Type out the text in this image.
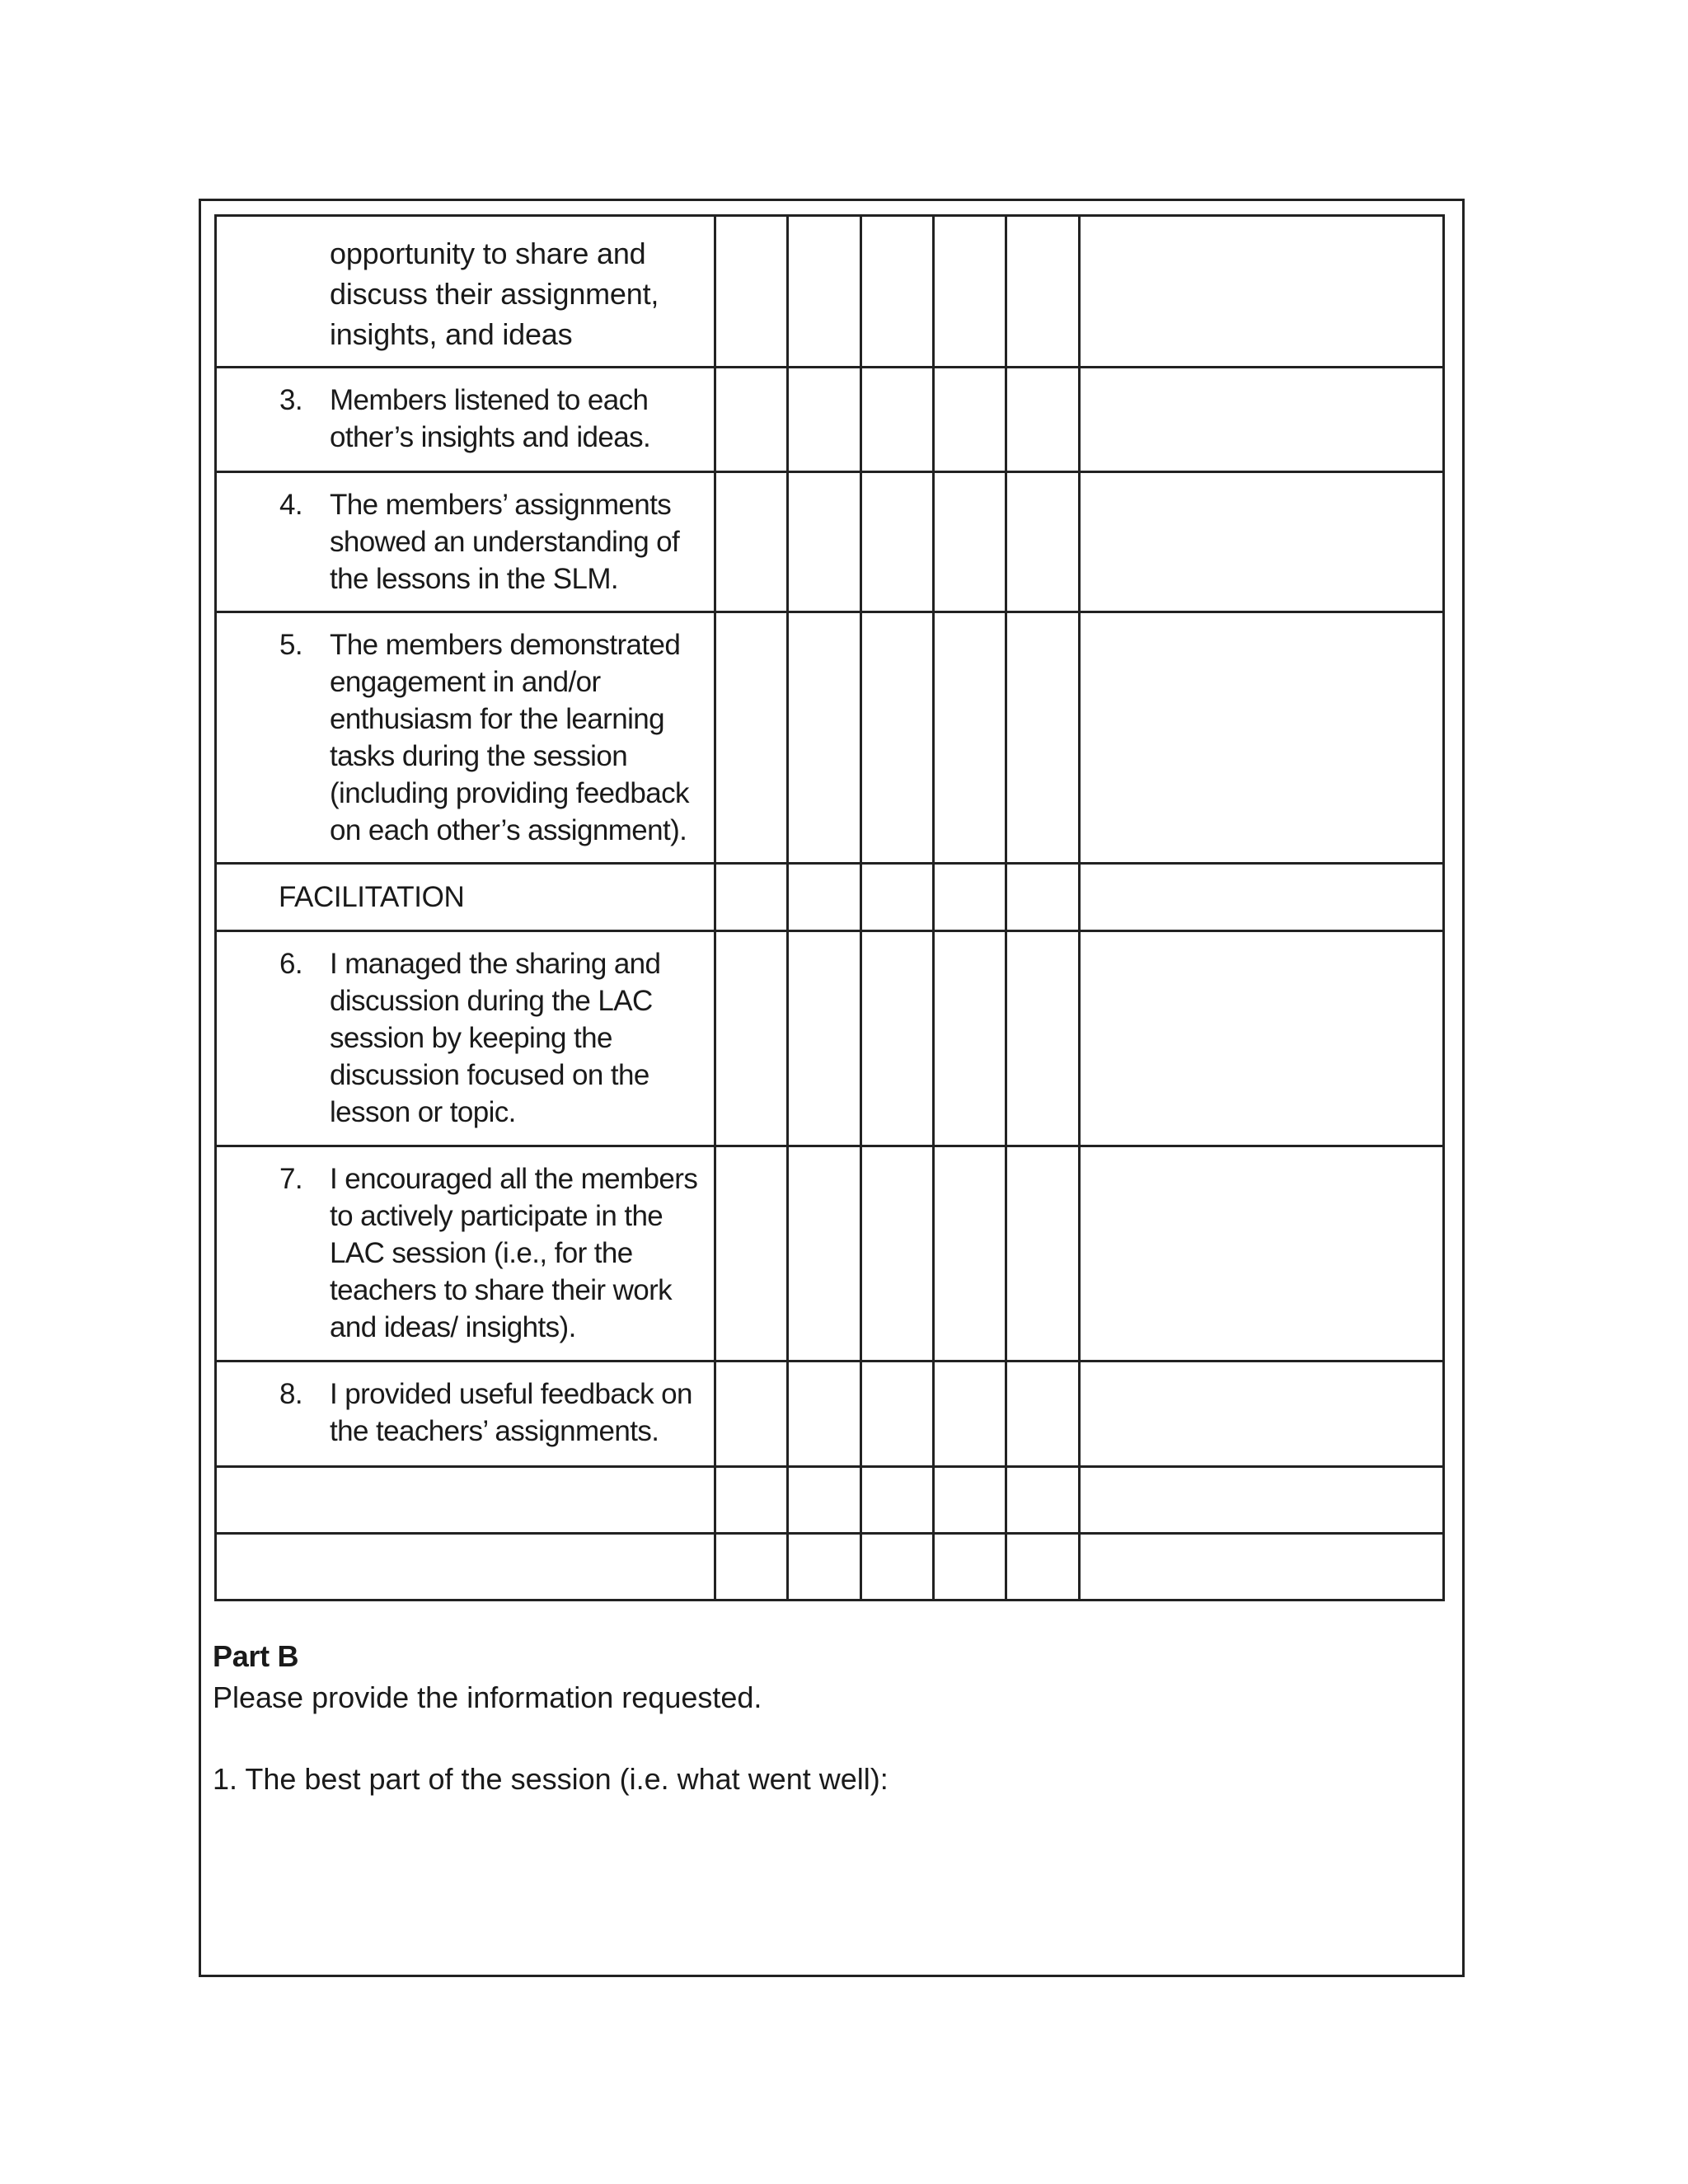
opportunity to share and discuss their assignment, insights, and ideas						

3. Members listened to each other’s insights and ideas.						

4. The members’ assignments showed an understanding of the lessons in the SLM.						

5. The members demonstrated engagement in and/or enthusiasm for the learning tasks during the session (including providing feedback on each other’s assignment).						

FACILITATION						

6. I managed the sharing and discussion during the LAC session by keeping the discussion focused on the lesson or topic.						

7. I encouraged all the members to actively participate in the LAC session (i.e., for the teachers to share their work and ideas/ insights).						

8. I provided useful feedback on the teachers’ assignments.						

Part B
Please provide the information requested.
1. The best part of the session (i.e. what went well):
